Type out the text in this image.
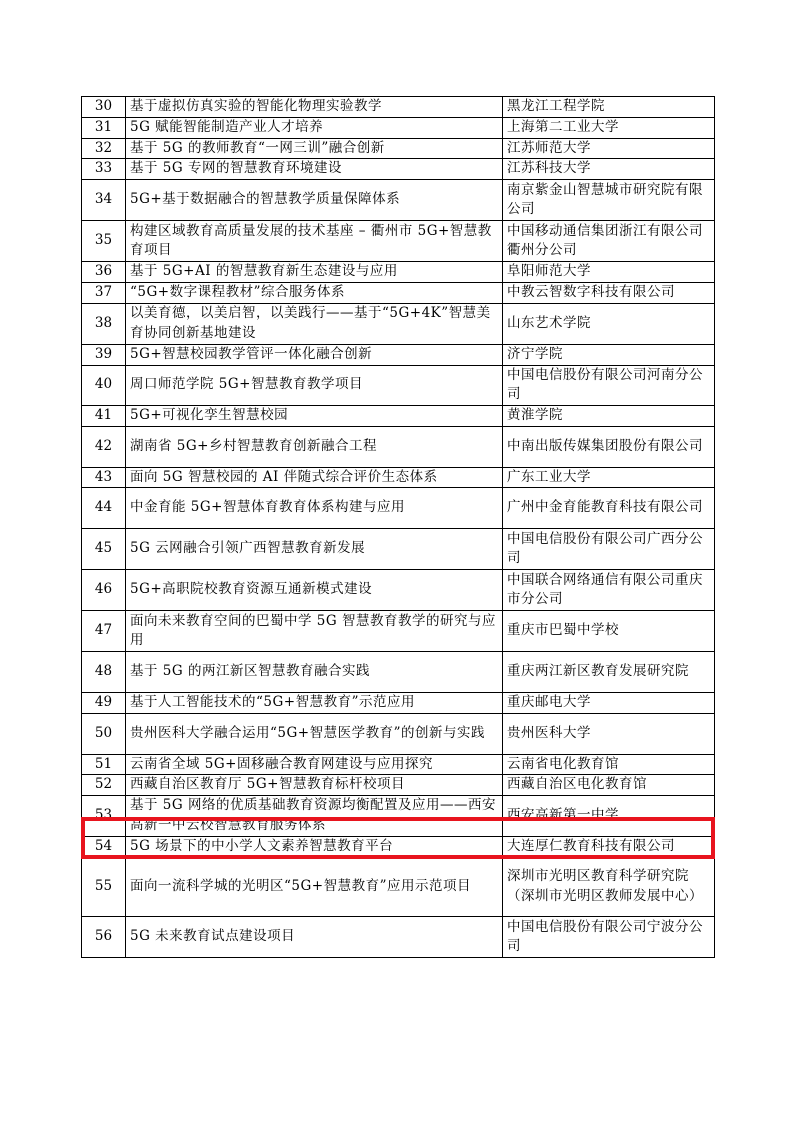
30	基于虚拟仿真实验的智能化物理实验教学	黑龙江工程学院
31	5G 赋能智能制造产业人才培养	上海第二工业大学
32	基于 5G 的教师教育“一网三训”融合创新	江苏师范大学
33	基于 5G 专网的智慧教育环境建设	江苏科技大学
34	5G+基于数据融合的智慧教学质量保障体系	南京紫金山智慧城市研究院有限公司
35	构建区域教育高质量发展的技术基座 – 衢州市 5G+智慧教育项目	中国移动通信集团浙江有限公司衢州分公司
36	基于 5G+AI 的智慧教育新生态建设与应用	阜阳师范大学
37	“5G+数字课程教材”综合服务体系	中教云智数字科技有限公司
38	以美育德，以美启智，以美践行——基于“5G+4K”智慧美育协同创新基地建设	山东艺术学院
39	5G+智慧校园教学管评一体化融合创新	济宁学院
40	周口师范学院 5G+智慧教育教学项目	中国电信股份有限公司河南分公司
41	5G+可视化孪生智慧校园	黄淮学院
42	湖南省 5G+乡村智慧教育创新融合工程	中南出版传媒集团股份有限公司
43	面向 5G 智慧校园的 AI 伴随式综合评价生态体系	广东工业大学
44	中金育能 5G+智慧体育教育体系构建与应用	广州中金育能教育科技有限公司
45	5G 云网融合引领广西智慧教育新发展	中国电信股份有限公司广西分公司
46	5G+高职院校教育资源互通新模式建设	中国联合网络通信有限公司重庆市分公司
47	面向未来教育空间的巴蜀中学 5G 智慧教育教学的研究与应用	重庆市巴蜀中学校
48	基于 5G 的两江新区智慧教育融合实践	重庆两江新区教育发展研究院
49	基于人工智能技术的“5G+智慧教育”示范应用	重庆邮电大学
50	贵州医科大学融合运用“5G+智慧医学教育”的创新与实践	贵州医科大学
51	云南省全域 5G+固移融合教育网建设与应用探究	云南省电化教育馆
52	西藏自治区教育厅 5G+智慧教育标杆校项目	西藏自治区电化教育馆
53	基于 5G 网络的优质基础教育资源均衡配置及应用——西安高新一中云校智慧教育服务体系	西安高新第一中学
54	5G 场景下的中小学人文素养智慧教育平台	大连厚仁教育科技有限公司
55	面向一流科学城的光明区“5G+智慧教育”应用示范项目	深圳市光明区教育科学研究院（深圳市光明区教师发展中心）
56	5G 未来教育试点建设项目	中国电信股份有限公司宁波分公司
